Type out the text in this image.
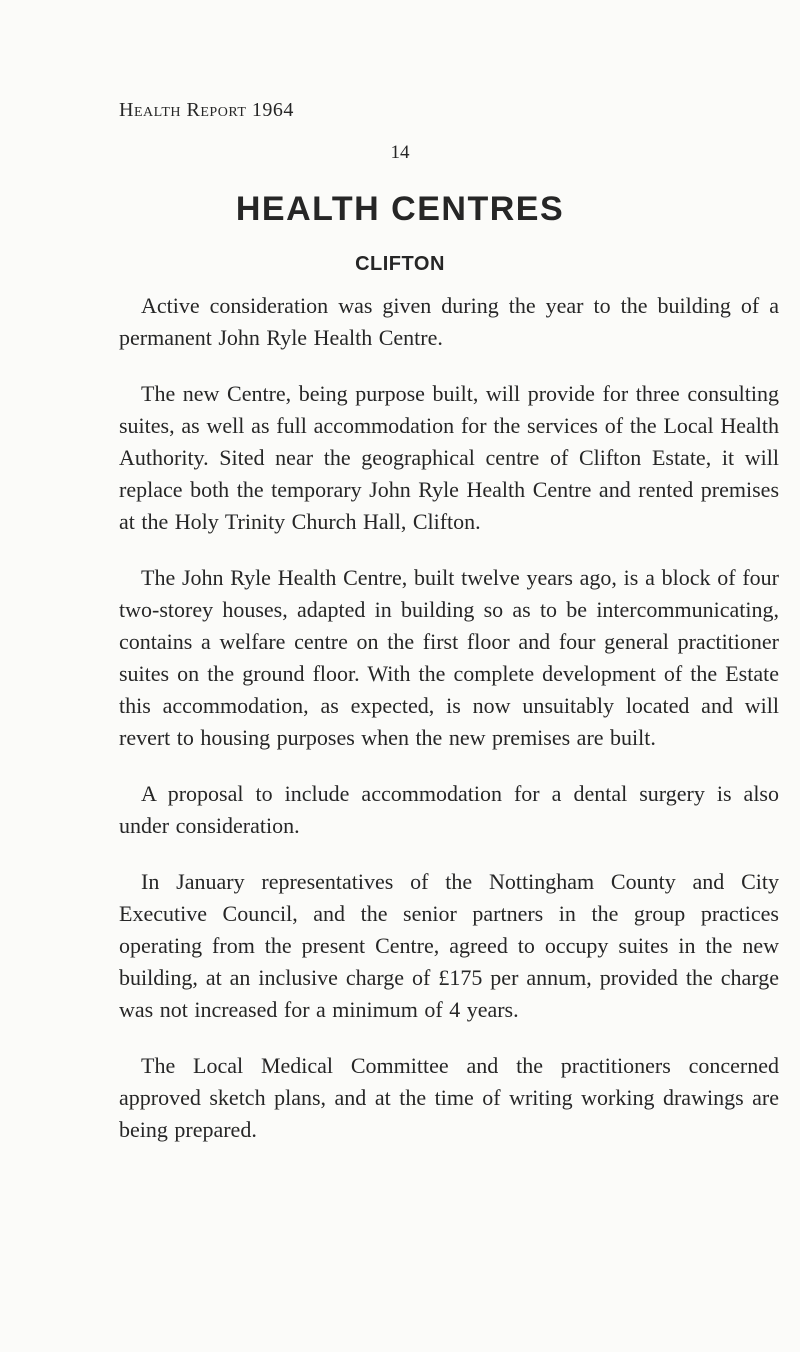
Health Report 1964

14

HEALTH CENTRES
CLIFTON

Active consideration was given during the year to the building of a permanent John Ryle Health Centre.

The new Centre, being purpose built, will provide for three consulting suites, as well as full accommodation for the services of the Local Health Authority. Sited near the geographical centre of Clifton Estate, it will replace both the temporary John Ryle Health Centre and rented premises at the Holy Trinity Church Hall, Clifton.

The John Ryle Health Centre, built twelve years ago, is a block of four two-storey houses, adapted in building so as to be intercommunicating, contains a welfare centre on the first floor and four general practitioner suites on the ground floor. With the complete development of the Estate this accommodation, as expected, is now unsuitably located and will revert to housing purposes when the new premises are built.

A proposal to include accommodation for a dental surgery is also under consideration.

In January representatives of the Nottingham County and City Executive Council, and the senior partners in the group practices operating from the present Centre, agreed to occupy suites in the new building, at an inclusive charge of £175 per annum, provided the charge was not increased for a minimum of 4 years.

The Local Medical Committee and the practitioners concerned approved sketch plans, and at the time of writing working drawings are being prepared.
